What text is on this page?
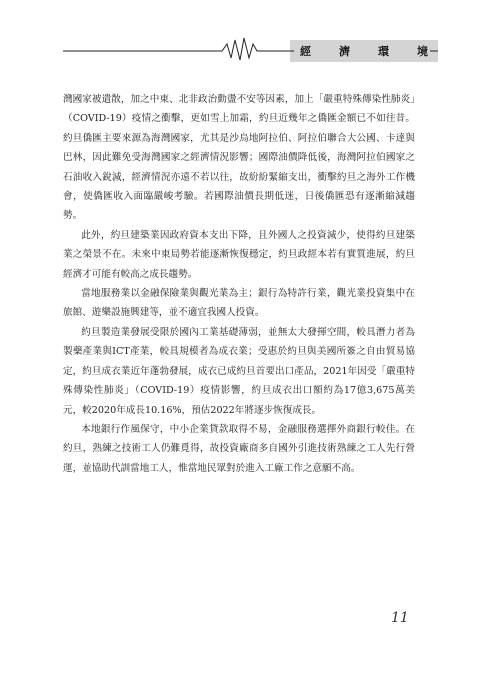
經	濟	環	境

灣國家被遣散，加之中東、北非政治動盪不安等因素，加上「嚴重特殊傳染性肺炎」（COVID-19）疫情之衝擊，更如雪上加霜，約旦近幾年之僑匯金額已不如往昔。約旦僑匯主要來源為海灣國家，尤其是沙烏地阿拉伯、阿拉伯聯合大公國、卡達與巴林，因此難免受海灣國家之經濟情況影響；國際油價降低後，海灣阿拉伯國家之石油收入銳減，經濟情況亦遠不若以往，故紛紛緊縮支出，衝擊約旦之海外工作機會，使僑匯收入面臨嚴峻考驗。若國際油價長期低迷，日後僑匯恐有逐漸縮減趨勢。

此外，約旦建築業因政府資本支出下降，且外國人之投資減少，使得約旦建築業之榮景不在。未來中東局勢若能逐漸恢復穩定，約旦政經本若有實質進展，約旦經濟才可能有較高之成長趨勢。

當地服務業以金融保險業與觀光業為主；銀行為特許行業，觀光業投資集中在旅館、遊樂設施興建等，並不適宜我國人投資。

約旦製造業發展受限於國內工業基礎薄弱，並無太大發揮空間，較具潛力者為製藥產業與ICT產業，較具規模者為成衣業；受惠於約旦與美國所簽之自由貿易協定，約旦成衣業近年蓬勃發展，成衣已成約旦首要出口產品，2021年因受「嚴重特殊傳染性肺炎」（COVID-19）疫情影響，約旦成衣出口額約為17億3,675萬美元，較2020年成長10.16%，預估2022年將逐步恢復成長。

本地銀行作風保守，中小企業貸款取得不易，金融服務選擇外商銀行較佳。在約旦，熟練之技術工人仍難覓得，故投資廠商多自國外引進技術熟練之工人先行營運，並協助代訓當地工人，惟當地民眾對於進入工廠工作之意願不高。

11
